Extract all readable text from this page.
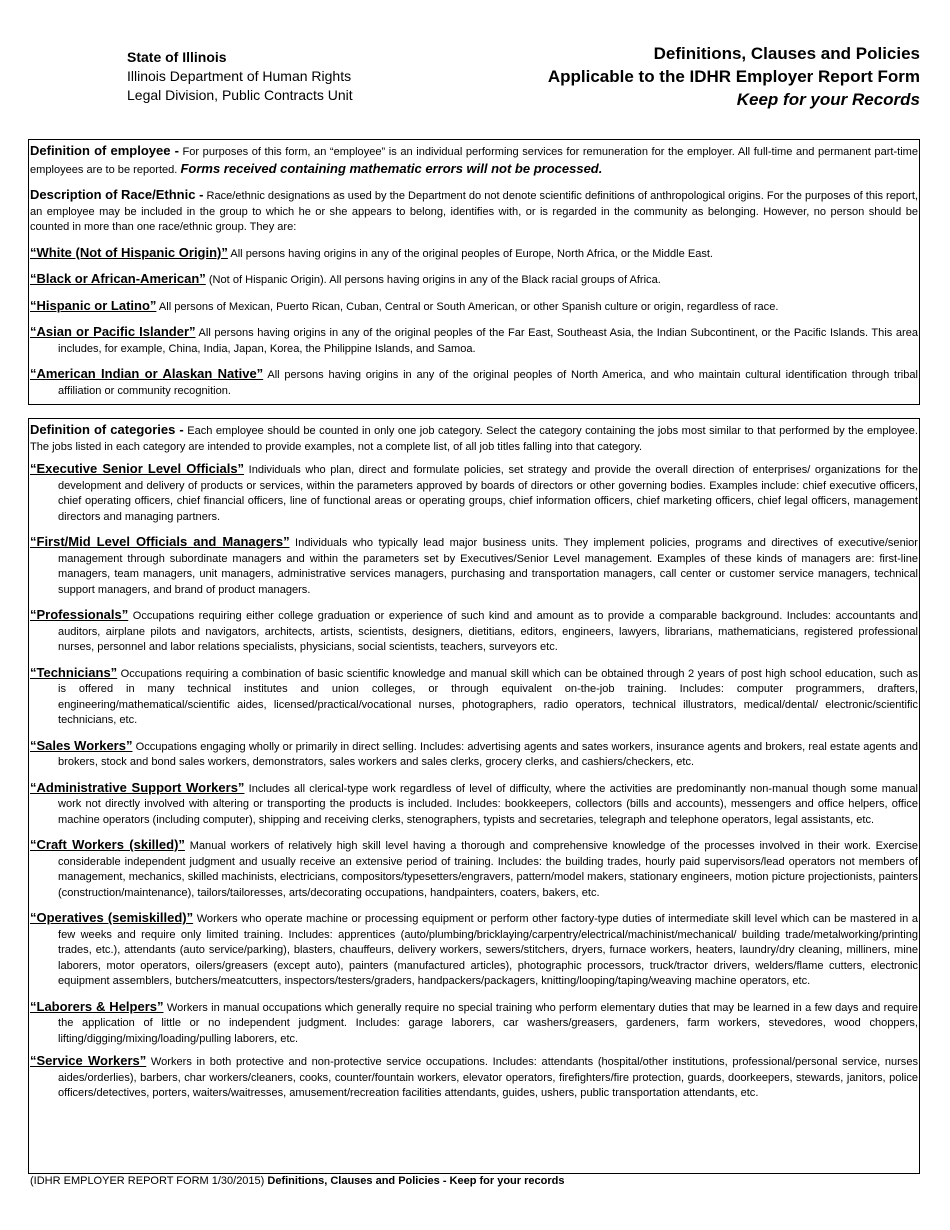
State of Illinois
Illinois Department of Human Rights
Legal Division, Public Contracts Unit
Definitions, Clauses and Policies
Applicable to the IDHR Employer Report Form
Keep for your Records

Definition of employee - For purposes of this form, an “employee” is an individual performing services for remuneration for the employer. All full-time and permanent part-time employees are to be reported. Forms received containing mathematic errors will not be processed.

Description of Race/Ethnic - Race/ethnic designations as used by the Department do not denote scientific definitions of anthropological origins. For the purposes of this report, an employee may be included in the group to which he or she appears to belong, identifies with, or is regarded in the community as belonging. However, no person should be counted in more than one race/ethnic group. They are:

“White (Not of Hispanic Origin)” All persons having origins in any of the original peoples of Europe, North Africa, or the Middle East.

“Black or African-American” (Not of Hispanic Origin). All persons having origins in any of the Black racial groups of Africa.

“Hispanic or Latino” All persons of Mexican, Puerto Rican, Cuban, Central or South American, or other Spanish culture or origin, regardless of race.

“Asian or Pacific Islander” All persons having origins in any of the original peoples of the Far East, Southeast Asia, the Indian Subcontinent, or the Pacific Islands. This area includes, for example, China, India, Japan, Korea, the Philippine Islands, and Samoa.

“American Indian or Alaskan Native” All persons having origins in any of the original peoples of North America, and who maintain cultural identification through tribal affiliation or community recognition.

Definition of categories - Each employee should be counted in only one job category. Select the category containing the jobs most similar to that performed by the employee. The jobs listed in each category are intended to provide examples, not a complete list, of all job titles falling into that category.

“Executive Senior Level Officials” Individuals who plan, direct and formulate policies, set strategy and provide the overall direction of enterprises/ organizations for the development and delivery of products or services, within the parameters approved by boards of directors or other governing bodies. Examples include: chief executive officers, chief operating officers, chief financial officers, line of functional areas or operating groups, chief information officers, chief marketing officers, chief legal officers, management directors and managing partners.

“First/Mid Level Officials and Managers” Individuals who typically lead major business units. They implement policies, programs and directives of executive/senior management through subordinate managers and within the parameters set by Executives/Senior Level management. Examples of these kinds of managers are: first-line managers, team managers, unit managers, administrative services managers, purchasing and transportation managers, call center or customer service managers, technical support managers, and brand of product managers.

“Professionals” Occupations requiring either college graduation or experience of such kind and amount as to provide a comparable background. Includes: accountants and auditors, airplane pilots and navigators, architects, artists, scientists, designers, dietitians, editors, engineers, lawyers, librarians, mathematicians, registered professional nurses, personnel and labor relations specialists, physicians, social scientists, teachers, surveyors etc.

“Technicians” Occupations requiring a combination of basic scientific knowledge and manual skill which can be obtained through 2 years of post high school education, such as is offered in many technical institutes and union colleges, or through equivalent on-the-job training. Includes: computer programmers, drafters, engineering/mathematical/scientific aides, licensed/practical/vocational nurses, photographers, radio operators, technical illustrators, medical/dental/ electronic/scientific technicians, etc.

“Sales Workers” Occupations engaging wholly or primarily in direct selling. Includes: advertising agents and sates workers, insurance agents and brokers, real estate agents and brokers, stock and bond sales workers, demonstrators, sales workers and sales clerks, grocery clerks, and cashiers/checkers, etc.

“Administrative Support Workers” Includes all clerical-type work regardless of level of difficulty, where the activities are predominantly non-manual though some manual work not directly involved with altering or transporting the products is included. Includes: bookkeepers, collectors (bills and accounts), messengers and office helpers, office machine operators (including computer), shipping and receiving clerks, stenographers, typists and secretaries, telegraph and telephone operators, legal assistants, etc.

“Craft Workers (skilled)” Manual workers of relatively high skill level having a thorough and comprehensive knowledge of the processes involved in their work. Exercise considerable independent judgment and usually receive an extensive period of training. Includes: the building trades, hourly paid supervisors/lead operators not members of management, mechanics, skilled machinists, electricians, compositors/typesetters/engravers, pattern/model makers, stationary engineers, motion picture projectionists, painters (construction/maintenance), tailors/tailoresses, arts/decorating occupations, handpainters, coaters, bakers, etc.

“Operatives (semiskilled)” Workers who operate machine or processing equipment or perform other factory-type duties of intermediate skill level which can be mastered in a few weeks and require only limited training. Includes: apprentices (auto/plumbing/bricklaying/carpentry/electrical/machinist/mechanical/ building trade/metalworking/printing trades, etc.), attendants (auto service/parking), blasters, chauffeurs, delivery workers, sewers/stitchers, dryers, furnace workers, heaters, laundry/dry cleaning, milliners, mine laborers, motor operators, oilers/greasers (except auto), painters (manufactured articles), photographic processors, truck/tractor drivers, welders/flame cutters, electronic equipment assemblers, butchers/meatcutters, inspectors/testers/graders, handpackers/packagers, knitting/looping/taping/weaving machine operators, etc.

“Laborers & Helpers” Workers in manual occupations which generally require no special training who perform elementary duties that may be learned in a few days and require the application of little or no independent judgment. Includes: garage laborers, car washers/greasers, gardeners, farm workers, stevedores, wood choppers, lifting/digging/mixing/loading/pulling laborers, etc.

“Service Workers” Workers in both protective and non-protective service occupations. Includes: attendants (hospital/other institutions, professional/personal service, nurses aides/orderlies), barbers, char workers/cleaners, cooks, counter/fountain workers, elevator operators, firefighters/fire protection, guards, doorkeepers, stewards, janitors, police officers/detectives, porters, waiters/waitresses, amusement/recreation facilities attendants, guides, ushers, public transportation attendants, etc.

(IDHR EMPLOYER REPORT FORM 1/30/2015) Definitions, Clauses and Policies - Keep for your records
